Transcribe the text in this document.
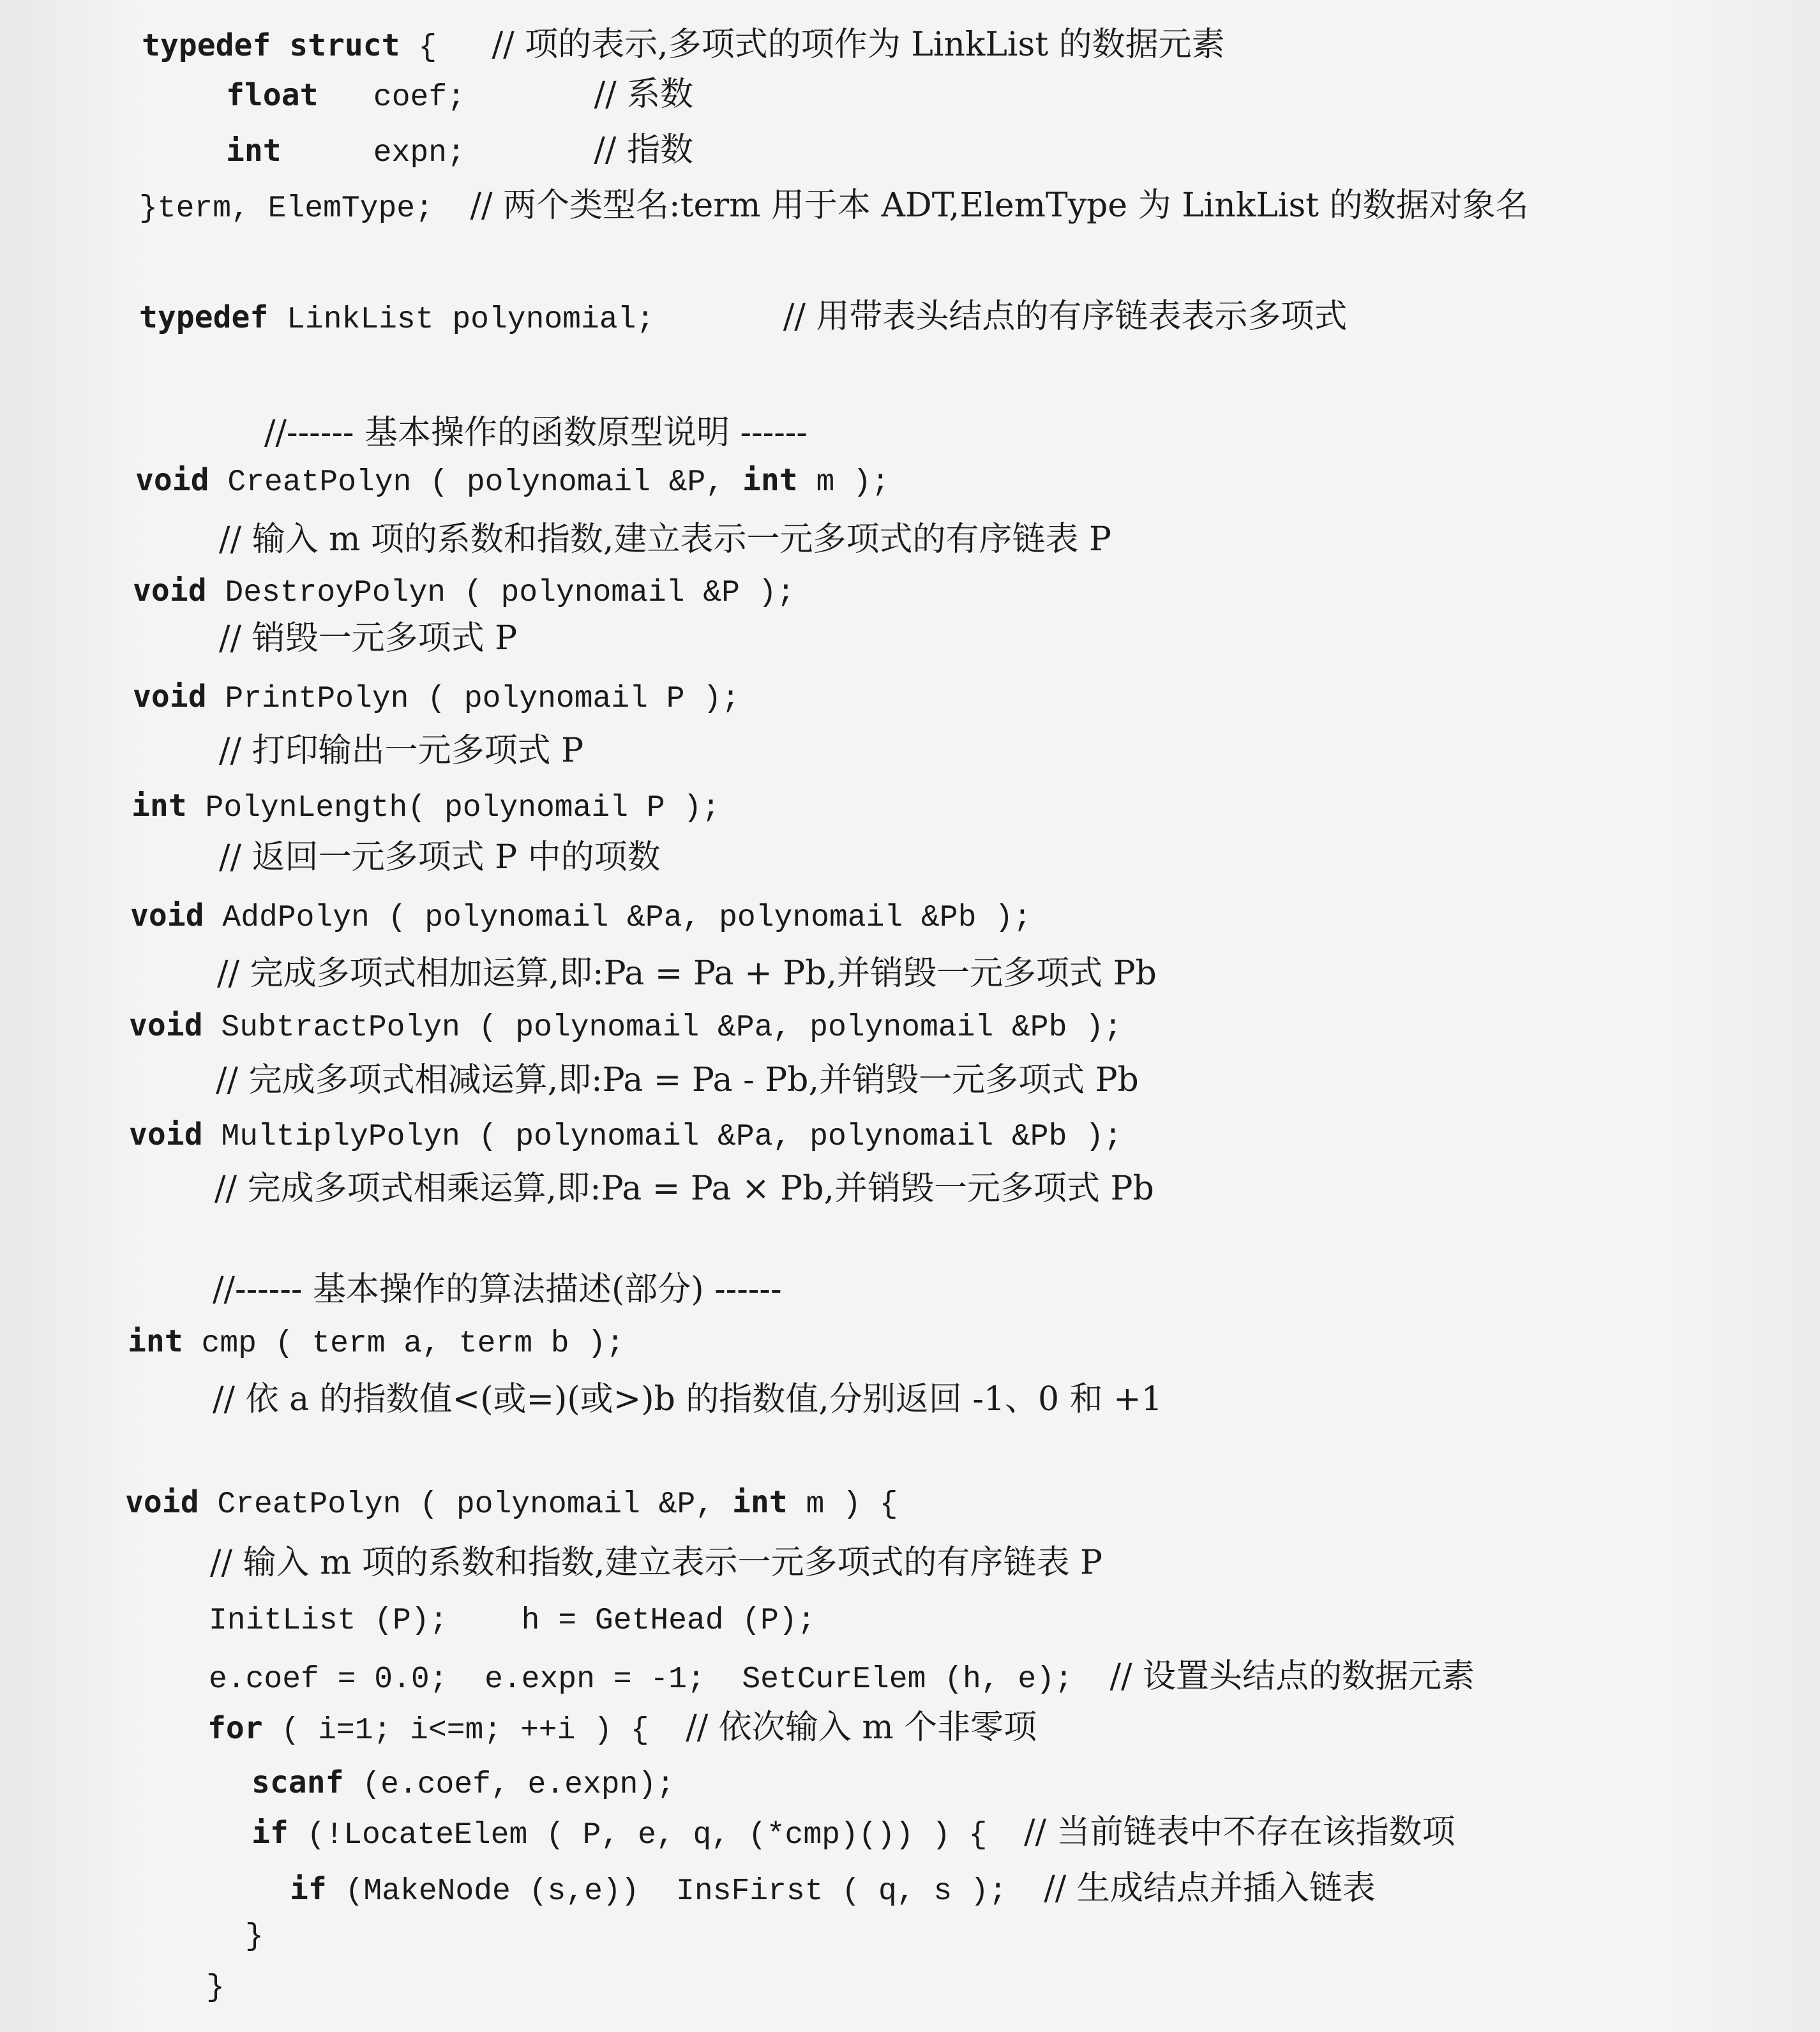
typedef struct {   // 项的表示,多项式的项作为 LinkList 的数据元素
float   coef;       // 系数
int     expn;       // 指数
}term, ElemType;  // 两个类型名:term 用于本 ADT,ElemType 为 LinkList 的数据对象名
typedef LinkList polynomial;       // 用带表头结点的有序链表表示多项式
//------ 基本操作的函数原型说明 ------
void CreatPolyn ( polynomail &P, int m );
// 输入 m 项的系数和指数,建立表示一元多项式的有序链表 P
void DestroyPolyn ( polynomail &P );
// 销毁一元多项式 P
void PrintPolyn ( polynomail P );
// 打印输出一元多项式 P
int PolynLength( polynomail P );
// 返回一元多项式 P 中的项数
void AddPolyn ( polynomail &Pa, polynomail &Pb );
// 完成多项式相加运算,即:Pa = Pa + Pb,并销毁一元多项式 Pb
void SubtractPolyn ( polynomail &Pa, polynomail &Pb );
// 完成多项式相减运算,即:Pa = Pa - Pb,并销毁一元多项式 Pb
void MultiplyPolyn ( polynomail &Pa, polynomail &Pb );
// 完成多项式相乘运算,即:Pa = Pa × Pb,并销毁一元多项式 Pb
//------ 基本操作的算法描述(部分) ------
int cmp ( term a, term b );
// 依 a 的指数值<(或=)(或>)b 的指数值,分别返回 -1、0 和 +1
void CreatPolyn ( polynomail &P, int m ) {
// 输入 m 项的系数和指数,建立表示一元多项式的有序链表 P
InitList (P);    h = GetHead (P);
e.coef = 0.0;  e.expn = -1;  SetCurElem (h, e);  // 设置头结点的数据元素
for ( i=1; i<=m; ++i ) {  // 依次输入 m 个非零项
scanf (e.coef, e.expn);
if (!LocateElem ( P, e, q, (*cmp)()) ) {  // 当前链表中不存在该指数项
if (MakeNode (s,e))  InsFirst ( q, s );  // 生成结点并插入链表
}
}
